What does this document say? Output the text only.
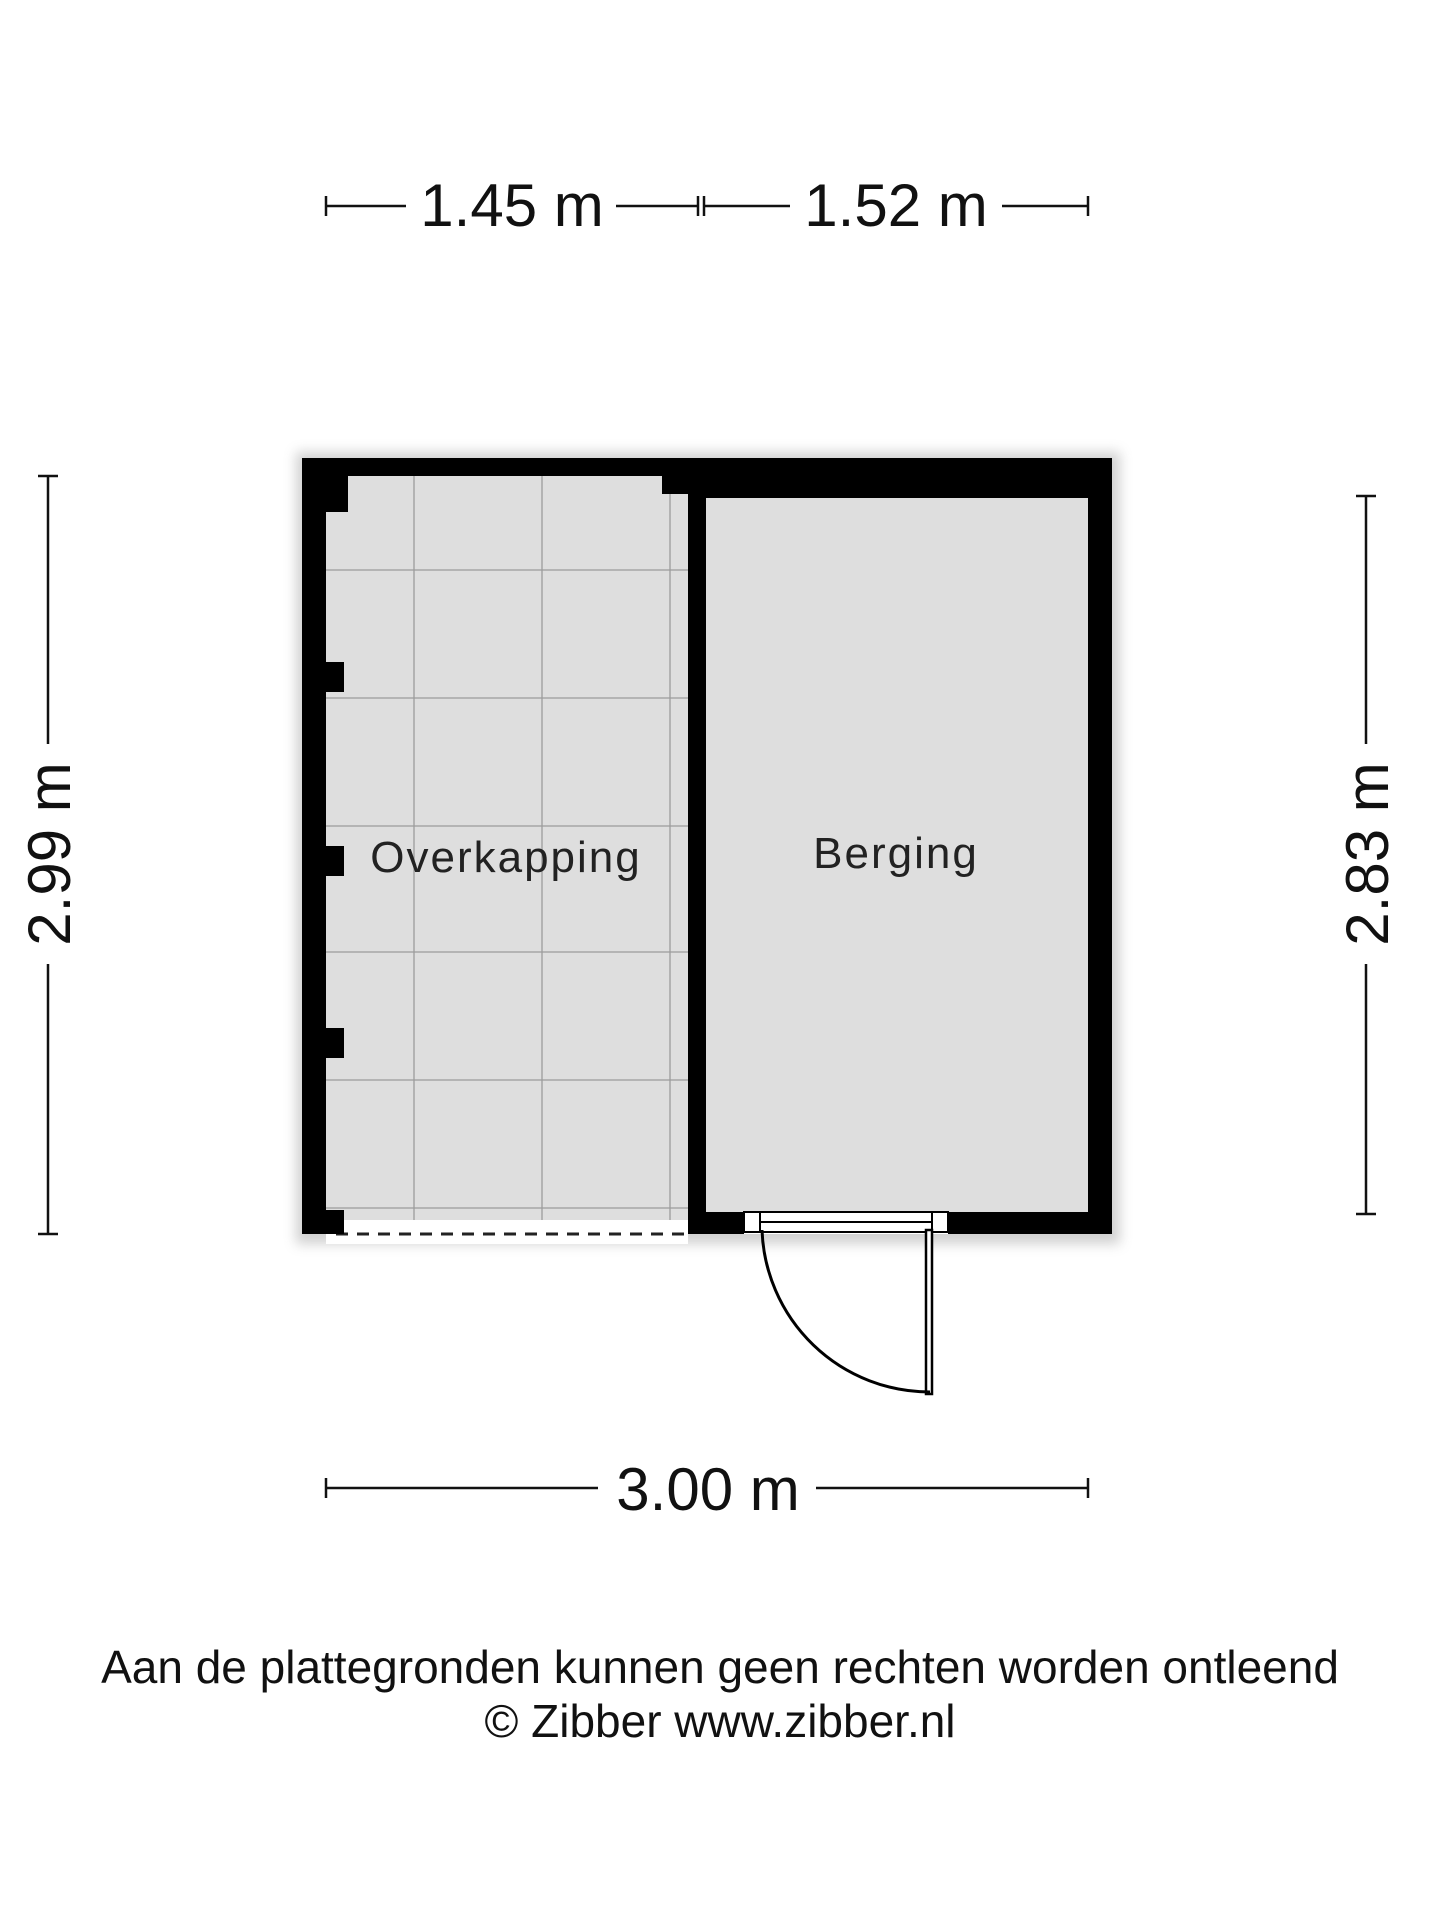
1.45 m	1.52 m
2.99 m	2.83 m
3.00 m
Overkapping	Berging
Aan de plattegronden kunnen geen rechten worden ontleend
© Zibber www.zibber.nl
